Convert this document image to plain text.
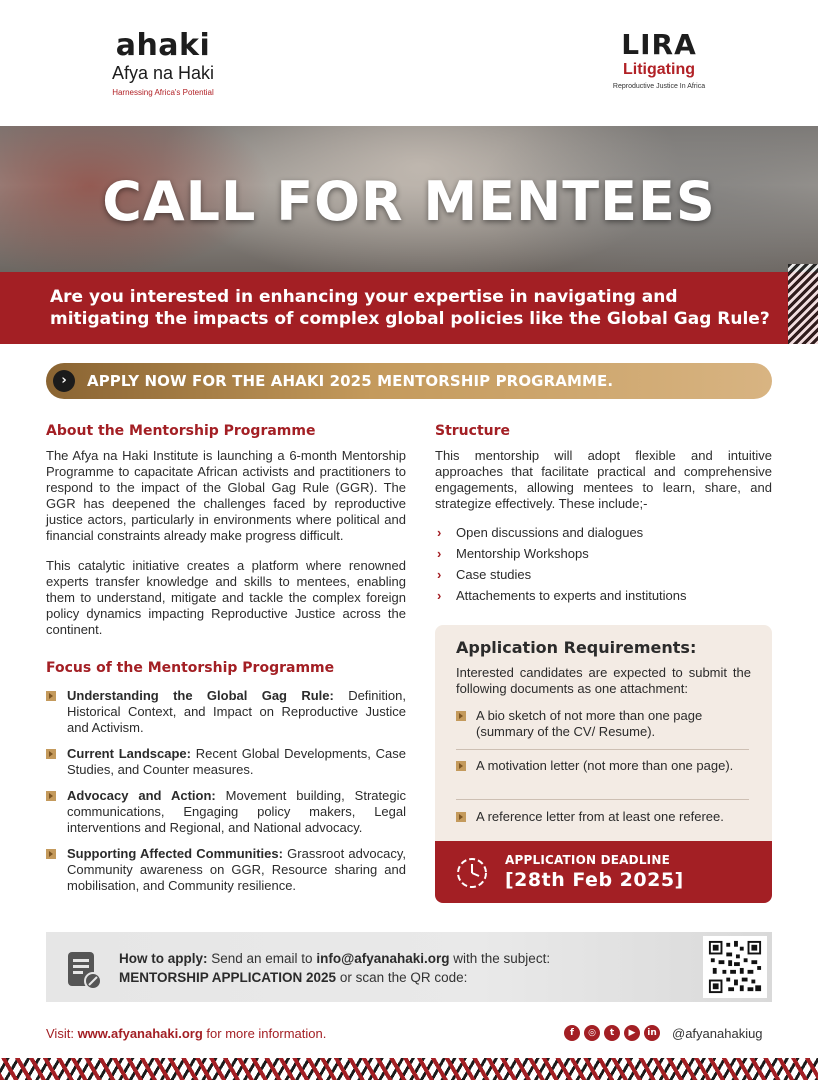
ahaki
Afya na Haki
Harnessing Africa's Potential
LIRA
Litigating
Reproductive Justice In Africa
CALL FOR MENTEES

Are you interested in enhancing your expertise in navigating and mitigating the impacts of complex global policies like the Global Gag Rule?

›	APPLY NOW FOR THE AHAKI 2025 MENTORSHIP PROGRAMME.
About the Mentorship Programme

The Afya na Haki Institute is launching a 6-month Mentorship Programme to capacitate African activists and practitioners to respond to the impact of the Global Gag Rule (GGR). The GGR has deepened the challenges faced by reproductive justice actors, particularly in environments where political and financial constraints already make progress difficult.

This catalytic initiative creates a platform where renowned experts transfer knowledge and skills to mentees, enabling them to understand, mitigate and tackle the complex foreign policy dynamics impacting Reproductive Justice across the continent.

Focus of the Mentorship Programme
Understanding the Global Gag Rule: Definition, Historical Context, and Impact on Reproductive Justice and Activism.
Current Landscape: Recent Global Developments, Case Studies, and Counter measures.
Advocacy and Action: Movement building, Strategic communications, Engaging policy makers, Legal interventions and Regional, and National advocacy.
Supporting Affected Communities: Grassroot advocacy, Community awareness on GGR, Resource sharing and mobilisation, and Community resilience.
Structure

This mentorship will adopt flexible and intuitive approaches that facilitate practical and comprehensive engagements, allowing mentees to learn, share, and strategize effectively. These include;-

› Open discussions and dialogues
› Mentorship Workshops
› Case studies
› Attachements to experts and institutions
Application Requirements:
Interested candidates are expected to submit the following documents as one attachment:
A bio sketch of not more than one page (summary of the CV/ Resume).
A motivation letter (not more than one page).
A reference letter from at least one referee.
APPLICATION DEADLINE
[28th Feb 2025]
How to apply: Send an email to info@afyanahaki.org with the subject:
MENTORSHIP APPLICATION 2025 or scan the QR code:
Visit: www.afyanahaki.org for more information.	f	◎	t	▶	in @afyanahakiug
